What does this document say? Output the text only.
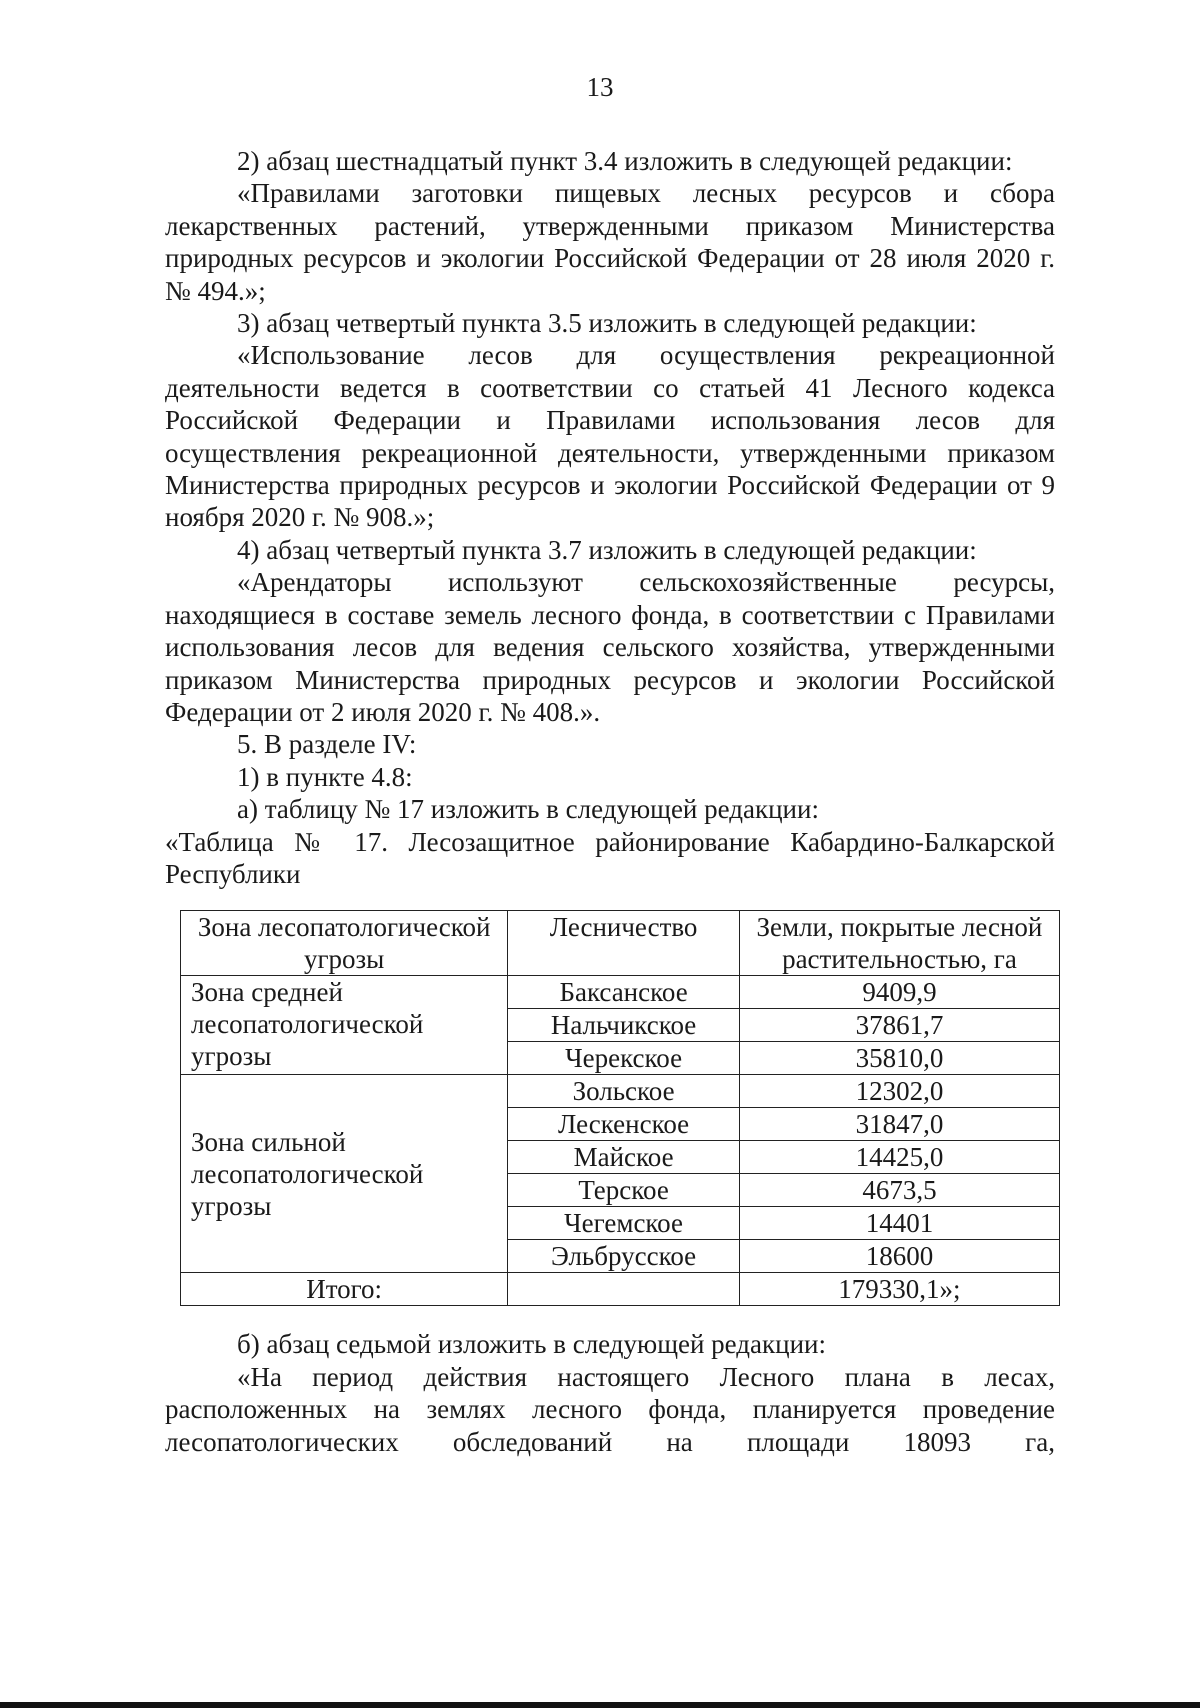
13

2) абзац шестнадцатый пункт 3.4 изложить в следующей редакции:

«Правилами заготовки пищевых лесных ресурсов и сбора лекарственных растений, утвержденными приказом Министерства природных ресурсов и экологии Российской Федерации от 28 июля 2020 г. № 494.»;

3) абзац четвертый пункта 3.5 изложить в следующей редакции:

«Использование лесов для осуществления рекреационной деятельности ведется в соответствии со статьей 41 Лесного кодекса Российской Федерации и Правилами использования лесов для осуществления рекреационной деятельности, утвержденными приказом Министерства природных ресурсов и экологии Российской Федерации от 9 ноября 2020 г. № 908.»;

4) абзац четвертый пункта 3.7 изложить в следующей редакции:

«Арендаторы используют сельскохозяйственные ресурсы, находящиеся в составе земель лесного фонда, в соответствии с Правилами использования лесов для ведения сельского хозяйства, утвержденными приказом Министерства природных ресурсов и экологии Российской Федерации от 2 июля 2020 г. № 408.».

5. В разделе IV:

1) в пункте 4.8:

а) таблицу № 17 изложить в следующей редакции:

«Таблица № 17. Лесозащитное районирование Кабардино-Балкарской Республики

Зона лесопатологической угрозы	Лесничество	Земли, покрытые лесной растительностью, га
Зона средней лесопатологической угрозы	Баксанское	9409,9
	Нальчикское	37861,7
	Черекское	35810,0
Зона сильной лесопатологической угрозы	Зольское	12302,0
	Лескенское	31847,0
	Майское	14425,0
	Терское	4673,5
	Чегемское	14401
	Эльбрусское	18600
Итого:		179330,1»;

б) абзац седьмой изложить в следующей редакции:

«На период действия настоящего Лесного плана в лесах, расположенных на землях лесного фонда, планируется проведение лесопатологических обследований на площади 18093 га,
